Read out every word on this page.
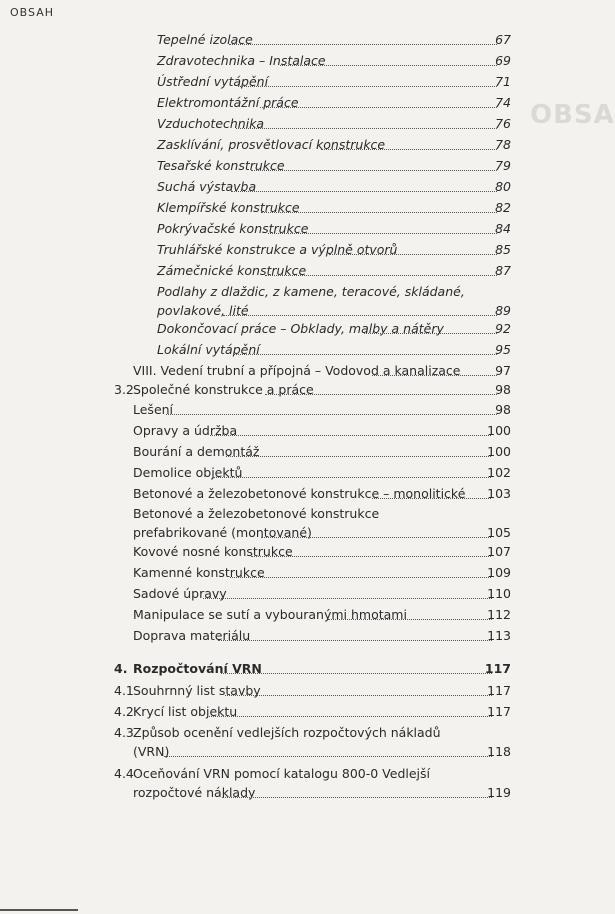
OBSAH
OBSA
Tepelné izolace	67
Zdravotechnika – Instalace	69
Ústřední vytápění	71
Elektromontážní práce	74
Vzduchotechnika	76
Zasklívání, prosvětlovací konstrukce	78
Tesařské konstrukce	79
Suchá výstavba	80
Klempířské konstrukce	82
Pokrývačské konstrukce	84
Truhlářské konstrukce a výplně otvorů	85
Zámečnické konstrukce	87
Podlahy z dlaždic, z kamene, teracové, skládané,
povlakové, lité	89
Dokončovací práce – Obklady, malby a nátěry	92
Lokální vytápění	95
VIII. Vedení trubní a přípojná – Vodovod a kanalizace	97
3.2 Společné konstrukce a práce	98
Lešení	98
Opravy a údržba	100
Bourání a demontáž	100
Demolice objektů	102
Betonové a železobetonové konstrukce – monolitické 103
Betonové a železobetonové konstrukce
prefabrikované (montované)	105
Kovové nosné konstrukce	107
Kamenné konstrukce	109
Sadové úpravy	110
Manipulace se sutí a vybouranými hmotami	112
Doprava materiálu	113
4. Rozpočtování VRN	117
4.1 Souhrnný list stavby	117
4.2 Krycí list objektu	117
4.3 Způsob ocenění vedlejších rozpočtových nákladů
(VRN)	118
4.4 Oceňování VRN pomocí katalogu 800-0 Vedlejší
rozpočtové náklady	119
